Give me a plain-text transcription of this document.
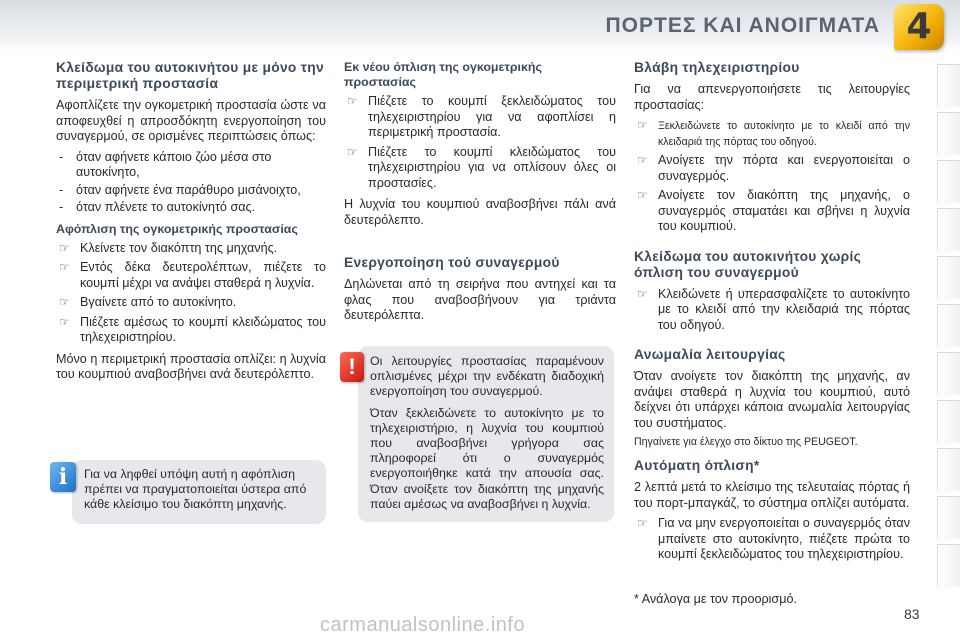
ΠΟΡΤΕΣ ΚΑΙ ΑΝΟΙΓΜΑΤΑ 4
Κλείδωμα του αυτοκινήτου με μόνο την περιμετρική προστασία

Αφοπλίζετε την ογκομετρική προστασία ώστε να αποφευχθεί η απροσδόκητη ενεργοποίηση του συναγερμού, σε ορισμένες περιπτώσεις όπως:

- όταν αφήνετε κάποιο ζώο μέσα στο αυτοκίνητο,
- όταν αφήνετε ένα παράθυρο μισάνοιχτο,
- όταν πλένετε το αυτοκίνητό σας.
Αφόπλιση της ογκομετρικής προστασίας
☞ Κλείνετε τον διακόπτη της μηχανής.
☞ Εντός δέκα δευτερολέπτων, πιέζετε το κουμπί μέχρι να ανάψει σταθερά η λυχνία.
☞ Βγαίνετε από το αυτοκίνητο.
☞ Πιέζετε αμέσως το κουμπί κλειδώματος του τηλεχειριστηρίου.

Μόνο η περιμετρική προστασία οπλίζει: η λυχνία του κουμπιού αναβοσβήνει ανά δευτερόλεπτο.

Για να ληφθεί υπόψη αυτή η αφόπλιση πρέπει να πραγματοποιείται ύστερα από κάθε κλείσιμο του διακόπτη μηχανής.
i
Εκ νέου όπλιση της ογκομετρικής προστασίας
☞ Πιέζετε το κουμπί ξεκλειδώματος του τηλεχειριστηρίου για να αφοπλίσει η περιμετρική προστασία.
☞ Πιέζετε το κουμπί κλειδώματος του τηλεχειριστηρίου για να οπλίσουν όλες οι προστασίες.

Η λυχνία του κουμπιού αναβοσβήνει πάλι ανά δευτερόλεπτο.

Ενεργοποίηση τού συναγερμού

Δηλώνεται από τη σειρήνα που αντηχεί και τα φλας που αναβοσβήνουν για τριάντα δευτερόλεπτα.

Οι λειτουργίες προστασίας παραμένουν οπλισμένες μέχρι την ενδέκατη διαδοχική ενεργοποίηση του συναγερμού.

Όταν ξεκλειδώνετε το αυτοκίνητο με το τηλεχειριστήριο, η λυχνία του κουμπιού που αναβοσβήνει γρήγορα σας πληροφορεί ότι ο συναγερμός ενεργοποιήθηκε κατά την απουσία σας. Όταν ανοίξετε τον διακόπτη της μηχανής παύει αμέσως να αναβοσβήνει η λυχνία.

!
Βλάβη τηλεχειριστηρίου

Για να απενεργοποιήσετε τις λειτουργίες προστασίας:

☞ Ξεκλειδώνετε το αυτοκίνητο με το κλειδί από την κλειδαριά της πόρτας του οδηγού.
☞ Ανοίγετε την πόρτα και ενεργοποιείται ο συναγερμός.
☞ Ανοίγετε τον διακόπτη της μηχανής, ο συναγερμός σταματάει και σβήνει η λυχνία του κουμπιού.
Κλείδωμα του αυτοκινήτου χωρίς όπλιση του συναγερμού
☞ Κλειδώνετε ή υπερασφαλίζετε το αυτοκίνητο με το κλειδί από την κλειδαριά της πόρτας του οδηγού.
Ανωμαλία λειτουργίας

Όταν ανοίγετε τον διακόπτη της μηχανής, αν ανάψει σταθερά η λυχνία του κουμπιού, αυτό δείχνει ότι υπάρχει κάποια ανωμαλία λειτουργίας του συστήματος.

Πηγαίνετε για έλεγχο στο δίκτυο της PEUGEOT.

Αυτόματη όπλιση*

2 λεπτά μετά το κλείσιμο της τελευταίας πόρτας ή του πορτ-μπαγκάζ, το σύστημα οπλίζει αυτόματα.

☞ Για να μην ενεργοποιείται ο συναγερμός όταν μπαίνετε στο αυτοκίνητο, πιέζετε πρώτα το κουμπί ξεκλειδώματος του τηλεχειριστηρίου.
* Ανάλογα με τον προορισμό.
83
carmanualsonline.info
